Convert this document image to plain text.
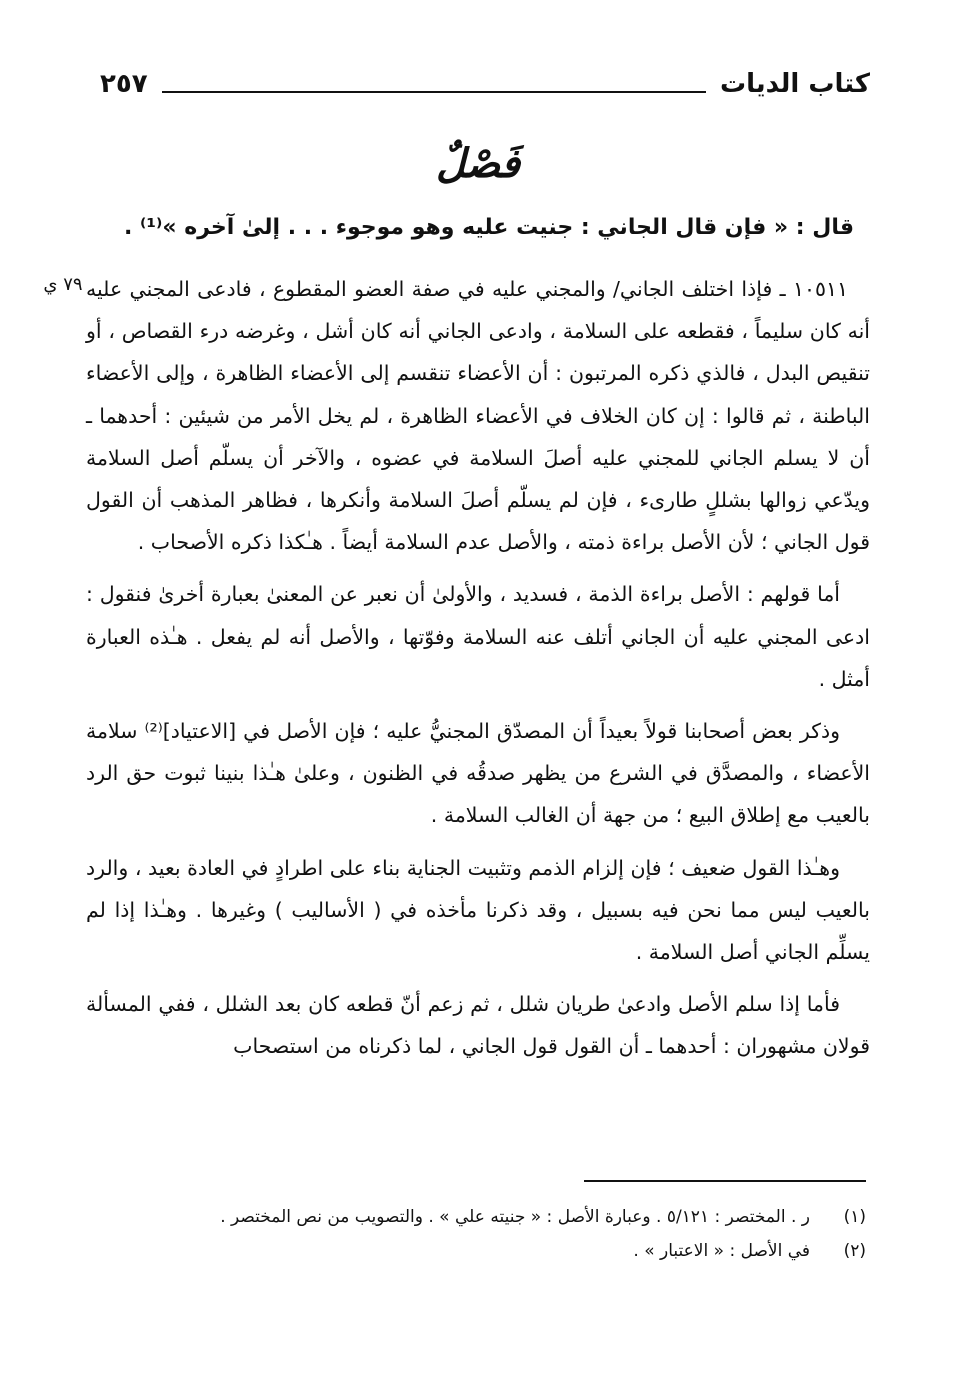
كتاب الديات
٢٥٧
فَصْلٌ
قال : « فإن قال الجاني : جنيت عليه وهو موجوء . . . إلىٰ آخره »⁽¹⁾ .
٧٩ ي ١٠٥١١ ـ فإذا اختلف الجاني/ والمجني عليه في صفة العضو المقطوع ، فادعى المجني عليه أنه كان سليماً ، فقطعه على السلامة ، وادعى الجاني أنه كان أشل ، وغرضه درء القصاص ، أو تنقيص البدل ، فالذي ذكره المرتبون : أن الأعضاء تنقسم إلى الأعضاء الظاهرة ، وإلى الأعضاء الباطنة ، ثم قالوا : إن كان الخلاف في الأعضاء الظاهرة ، لم يخل الأمر من شيئين : أحدهما ـ أن لا يسلم الجاني للمجني عليه أصلَ السلامة في عضوه ، والآخر أن يسلّم أصل السلامة ويدّعي زوالها بشللٍ طارىء ، فإن لم يسلّم أصلَ السلامة وأنكرها ، فظاهر المذهب أن القول قول الجاني ؛ لأن الأصل براءة ذمته ، والأصل عدم السلامة أيضاً . هـٰكذا ذكره الأصحاب .

أما قولهم : الأصل براءة الذمة ، فسديد ، والأولىٰ أن نعبر عن المعنىٰ بعبارة أخرىٰ فنقول : ادعى المجني عليه أن الجاني أتلف عنه السلامة وفوّتها ، والأصل أنه لم يفعل . هـٰذه العبارة أمثل .

وذكر بعض أصحابنا قولاً بعيداً أن المصدّق المجنيُّ عليه ؛ فإن الأصل في [الاعتياد]⁽²⁾ سلامة الأعضاء ، والمصدَّق في الشرع من يظهر صدقُه في الظنون ، وعلىٰ هـٰذا بنينا ثبوت حق الرد بالعيب مع إطلاق البيع ؛ من جهة أن الغالب السلامة .

وهـٰذا القول ضعيف ؛ فإن إلزام الذمم وتثبيت الجناية بناء على اطرادٍ في العادة بعيد ، والرد بالعيب ليس مما نحن فيه بسبيل ، وقد ذكرنا مأخذه في ( الأساليب ) وغيرها . وهـٰذا إذا لم يسلِّم الجاني أصل السلامة .

فأما إذا سلم الأصل وادعىٰ طريان شلل ، ثم زعم أنّ قطعه كان بعد الشلل ، ففي المسألة قولان مشهوران : أحدهما ـ أن القول قول الجاني ، لما ذكرناه من استصحاب

(١)
ر . المختصر : ٥/١٢١ . وعبارة الأصل : « جنيته علي » . والتصويب من نص المختصر .
(٢)
في الأصل : « الاعتبار » .
